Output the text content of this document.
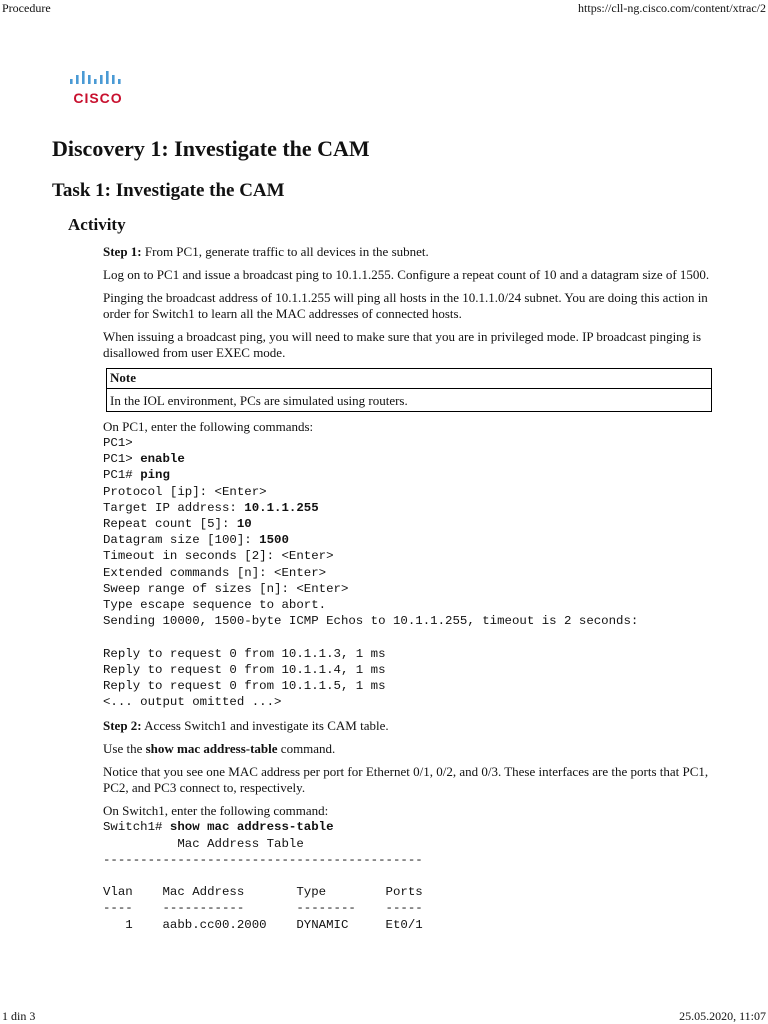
Procedure	https://cll-ng.cisco.com/content/xtrac/2
CISCO
Discovery 1: Investigate the CAM
Task 1: Investigate the CAM
Activity

Step 1: From PC1, generate traffic to all devices in the subnet.

Log on to PC1 and issue a broadcast ping to 10.1.1.255. Configure a repeat count of 10 and a datagram size of 1500.

Pinging the broadcast address of 10.1.1.255 will ping all hosts in the 10.1.1.0/24 subnet. You are doing this action in order for Switch1 to learn all the MAC addresses of connected hosts.

When issuing a broadcast ping, you will need to make sure that you are in privileged mode. IP broadcast pinging is disallowed from user EXEC mode.

Note
In the IOL environment, PCs are simulated using routers.

On PC1, enter the following commands:

PC1>
PC1> enable
PC1# ping
Protocol [ip]: <Enter>
Target IP address: 10.1.1.255
Repeat count [5]: 10
Datagram size [100]: 1500
Timeout in seconds [2]: <Enter>
Extended commands [n]: <Enter>
Sweep range of sizes [n]: <Enter>
Type escape sequence to abort.
Sending 10000, 1500-byte ICMP Echos to 10.1.1.255, timeout is 2 seconds:

Reply to request 0 from 10.1.1.3, 1 ms
Reply to request 0 from 10.1.1.4, 1 ms
Reply to request 0 from 10.1.1.5, 1 ms
<... output omitted ...>

Step 2: Access Switch1 and investigate its CAM table.

Use the show mac address-table command.

Notice that you see one MAC address per port for Ethernet 0/1, 0/2, and 0/3. These interfaces are the ports that PC1, PC2, and PC3 connect to, respectively.

On Switch1, enter the following command:

Switch1# show mac address-table
Mac Address Table
-------------------------------------------

Vlan    Mac Address       Type        Ports
----    -----------       --------    -----
1    aabb.cc00.2000    DYNAMIC     Et0/1
1 din 3	25.05.2020, 11:07
